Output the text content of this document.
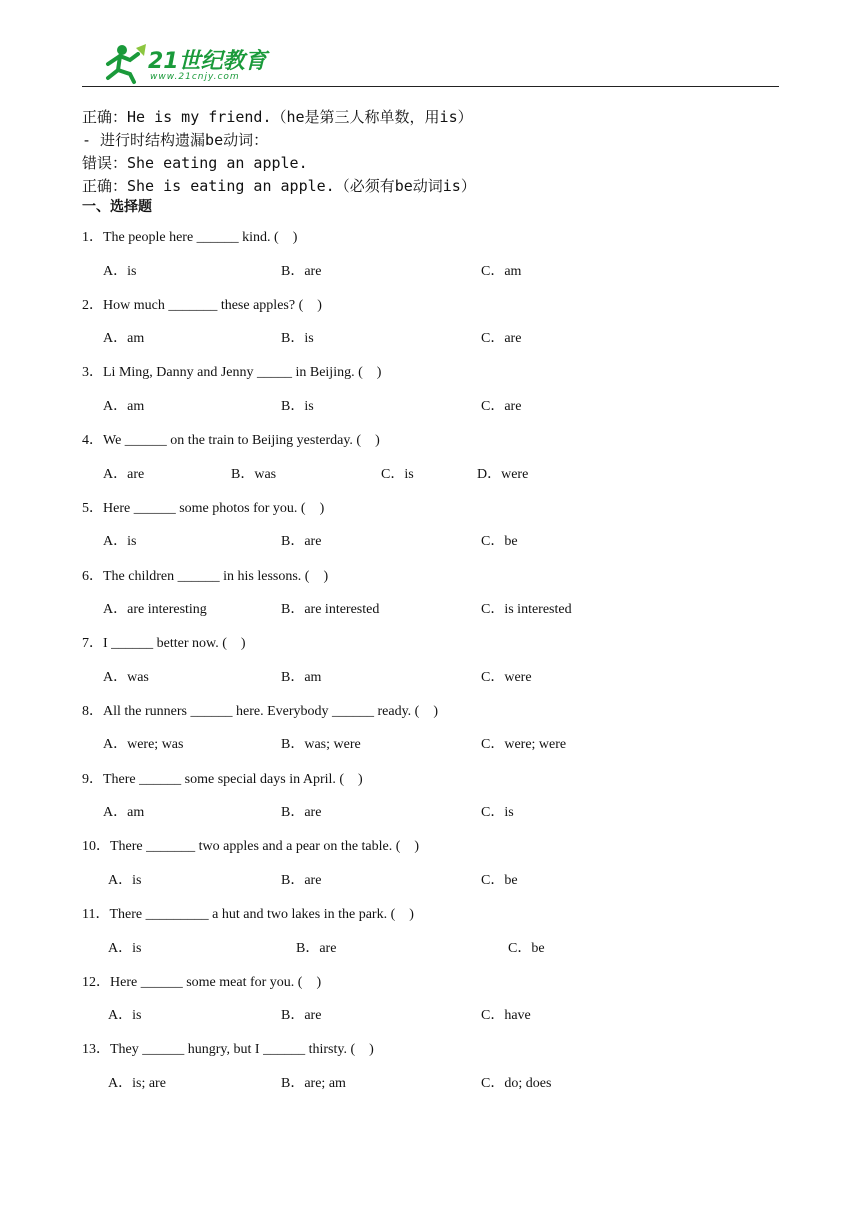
21世纪教育
www.21cnjy.com
正确：He is my friend.（he是第三人称单数，用is）
- 进行时结构遗漏be动词：
错误：She eating an apple.
正确：She is eating an apple.（必须有be动词is）
一、选择题
1．The people here ______ kind. (    )
A．is	B．are	C．am
2．How much _______ these apples? (    )
A．am	B．is	C．are
3．Li Ming, Danny and Jenny _____ in Beijing. (    )
A．am	B．is	C．are
4．We ______ on the train to Beijing yesterday. (    )
A．are	B．was	C．is	D．were
5．Here ______ some photos for you. (    )
A．is	B．are	C．be
6．The children ______ in his lessons. (    )
A．are interesting	B．are interested	C．is interested
7．I ______ better now. (    )
A．was	B．am	C．were
8．All the runners ______ here. Everybody ______ ready. (    )
A．were; was	B．was; were	C．were; were
9．There ______ some special days in April. (    )
A．am	B．are	C．is
10．There _______ two apples and a pear on the table. (    )
A．is	B．are	C．be
11．There _________ a hut and two lakes in the park. (    )
A．is	B．are	C．be
12．Here ______ some meat for you. (    )
A．is	B．are	C．have
13．They ______ hungry, but I ______ thirsty. (    )
A．is; are	B．are; am	C．do; does
